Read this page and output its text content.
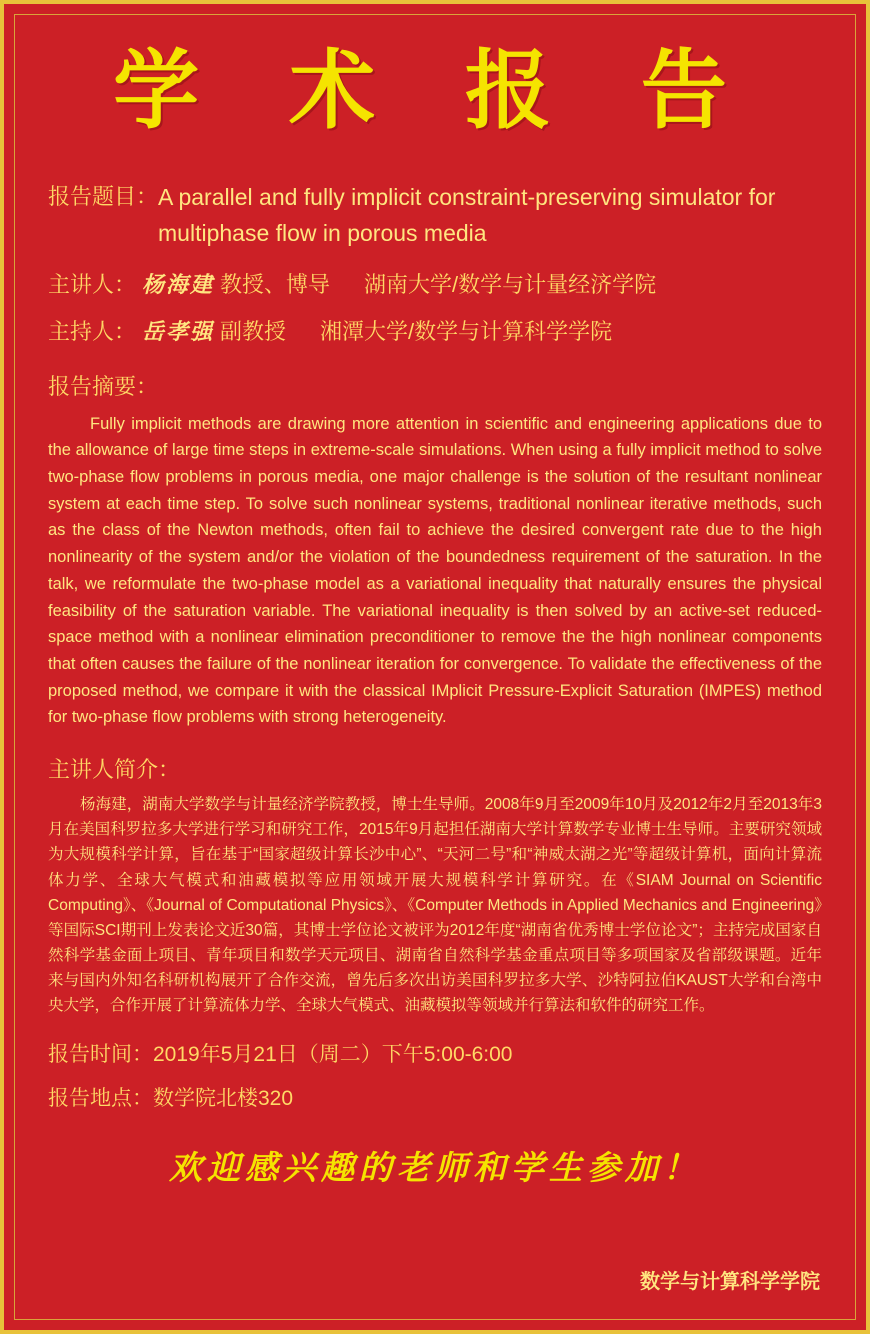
学 术 报 告
报告题目： A parallel and fully implicit constraint-preserving simulator for multiphase flow in porous media
主讲人： 杨海建 教授、博导 湖南大学/数学与计量经济学院
主持人： 岳孝强 副教授 湘潭大学/数学与计算科学学院
报告摘要：
Fully implicit methods are drawing more attention in scientific and engineering applications due to the allowance of large time steps in extreme-scale simulations. When using a fully implicit method to solve two-phase flow problems in porous media, one major challenge is the solution of the resultant nonlinear system at each time step. To solve such nonlinear systems, traditional nonlinear iterative methods, such as the class of the Newton methods, often fail to achieve the desired convergent rate due to the high nonlinearity of the system and/or the violation of the boundedness requirement of the saturation. In the talk, we reformulate the two-phase model as a variational inequality that naturally ensures the physical feasibility of the saturation variable. The variational inequality is then solved by an active-set reduced-space method with a nonlinear elimination preconditioner to remove the the high nonlinear components that often causes the failure of the nonlinear iteration for convergence. To validate the effectiveness of the proposed method, we compare it with the classical IMplicit Pressure-Explicit Saturation (IMPES) method for two-phase flow problems with strong heterogeneity.
主讲人简介：
杨海建，湖南大学数学与计量经济学院教授，博士生导师。2008年9月至2009年10月及2012年2月至2013年3月在美国科罗拉多大学进行学习和研究工作，2015年9月起担任湖南大学计算数学专业博士生导师。主要研究领域为大规模科学计算，旨在基于“国家超级计算长沙中心”、“天河二号”和“神威太湖之光”等超级计算机，面向计算流体力学、全球大气模式和油藏模拟等应用领域开展大规模科学计算研究。在《SIAM Journal on Scientific Computing》、《Journal of Computational Physics》、《Computer Methods in Applied Mechanics and Engineering》等国际SCI期刊上发表论文近30篇，其博士学位论文被评为2012年度“湖南省优秀博士学位论文”；主持完成国家自然科学基金面上项目、青年项目和数学天元项目、湖南省自然科学基金重点项目等多项国家及省部级课题。近年来与国内外知名科研机构展开了合作交流，曾先后多次出访美国科罗拉多大学、沙特阿拉伯KAUST大学和台湾中央大学，合作开展了计算流体力学、全球大气模式、油藏模拟等领域并行算法和软件的研究工作。
报告时间：2019年5月21日（周二）下午5:00-6:00
报告地点：数学院北楼320
欢迎感兴趣的老师和学生参加！
数学与计算科学学院
